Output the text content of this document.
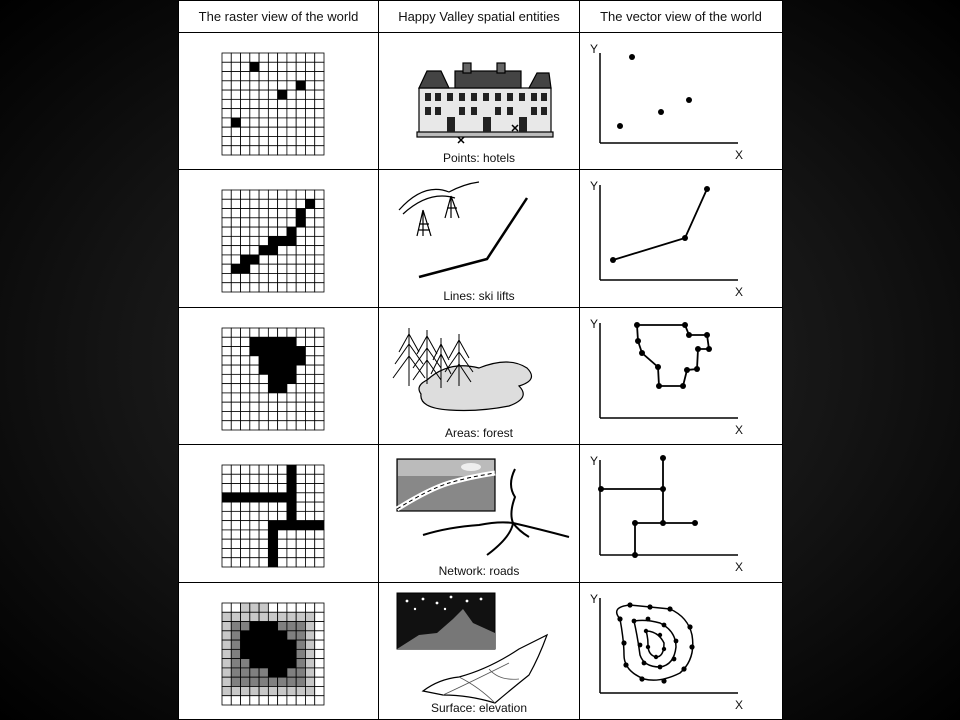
The raster view of the world	Happy Valley spatial entities	The vector view of the world
Points: hotels
Y
X
Lines: ski lifts
Y
X
Areas: forest
Y
X
Network: roads
Y
X
Surface: elevation
Y
X
